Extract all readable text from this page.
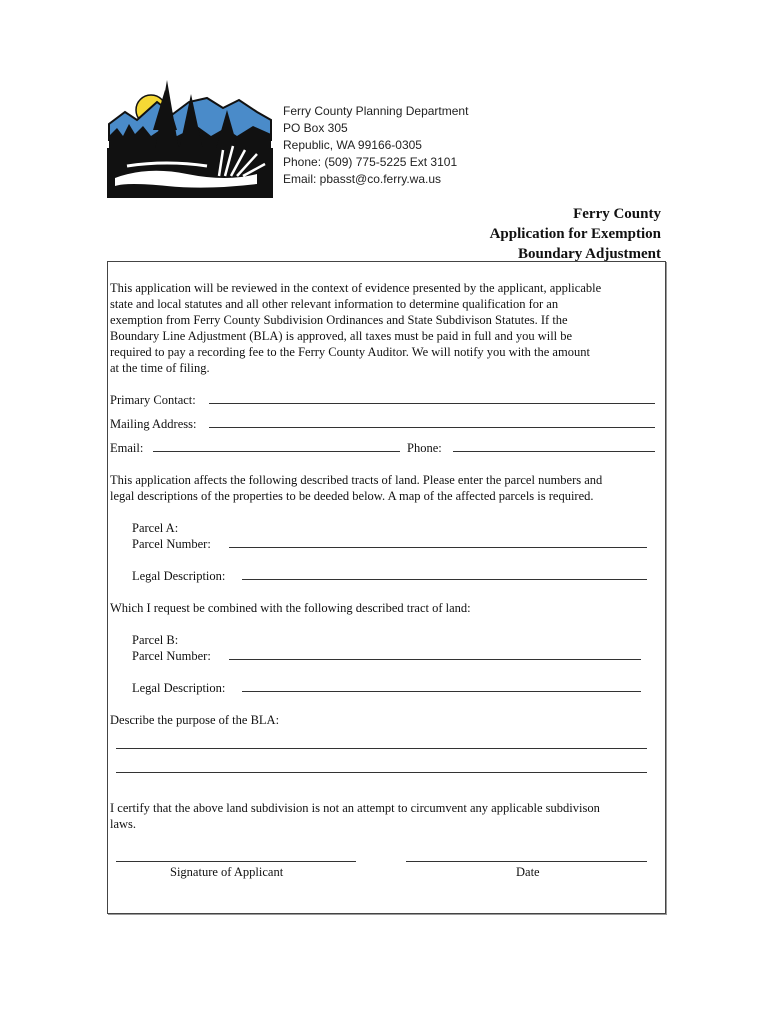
Ferry County Planning Department
PO Box 305
Republic, WA 99166-0305
Phone: (509) 775-5225 Ext 3101
Email: pbasst@co.ferry.wa.us
Ferry County
Application for Exemption
Boundary Adjustment
This application will be reviewed in the context of evidence presented by the applicant, applicable
state and local statutes and all other relevant information to determine qualification for an
exemption from Ferry County Subdivision Ordinances and State Subdivison Statutes. If the
Boundary Line Adjustment (BLA) is approved, all taxes must be paid in full and you will be
required to pay a recording fee to the Ferry County Auditor. We will notify you with the amount
at the time of filing.
Primary Contact:
Mailing Address:
Email:	Phone:
This application affects the following described tracts of land. Please enter the parcel numbers and
legal descriptions of the properties to be deeded below. A map of the affected parcels is required.
Parcel A:
Parcel Number:
Legal Description:
Which I request be combined with the following described tract of land:
Parcel B:
Parcel Number:
Legal Description:
Describe the purpose of the BLA:
I certify that the above land subdivision is not an attempt to circumvent any applicable subdivison
laws.
Signature of Applicant	Date
